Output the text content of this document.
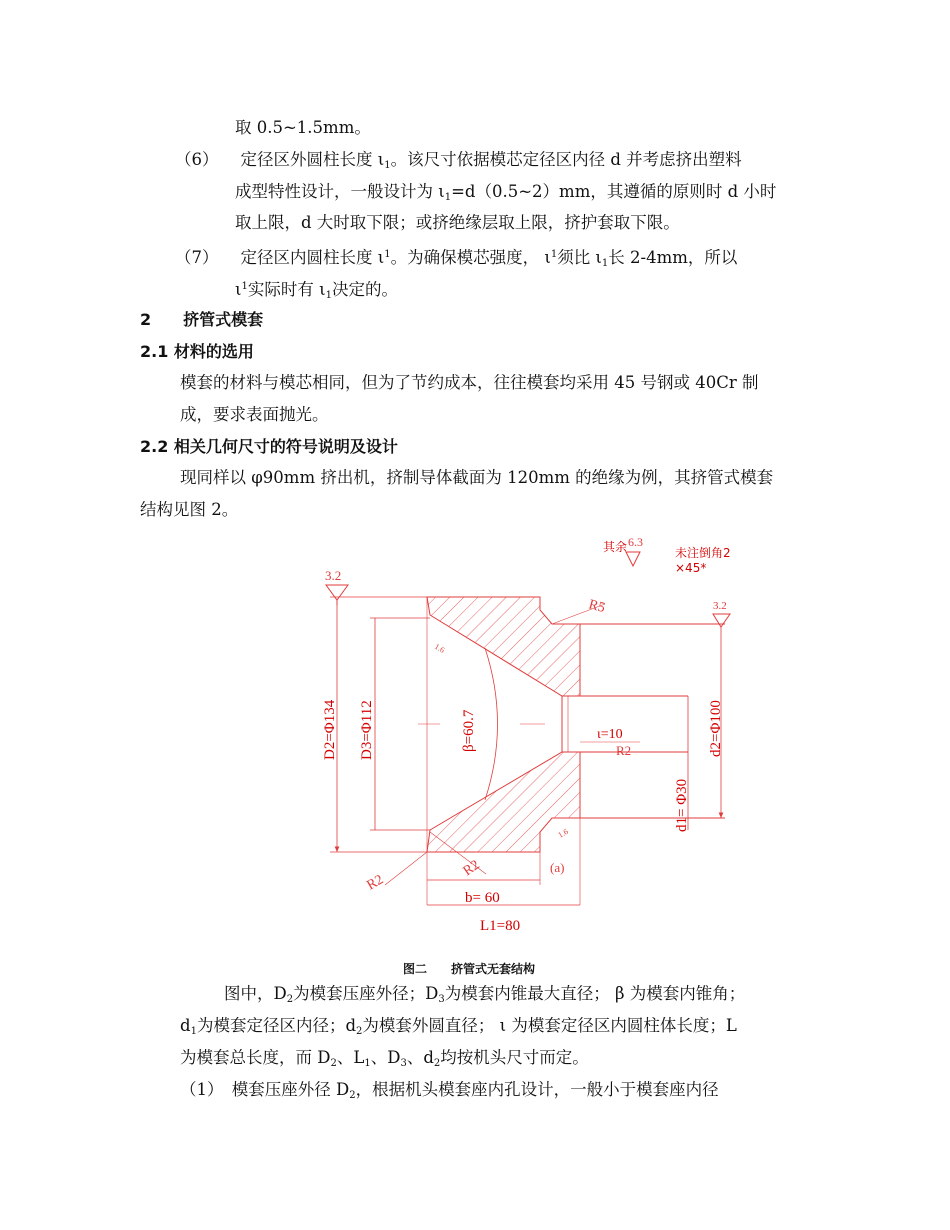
取 0.5~1.5mm。
（6） 定径区外圆柱长度 $\iota_1$。该尺寸依据模芯定径区内径 d 并考虑挤出塑料
成型特性设计，一般设计为 $\iota_1=d(0.5\sim 2)mm$，其遵循的原则时 d 小时
取上限，d 大时取下限；或挤绝缘层取上限，挤护套取下限。
（7） 定径区内圆柱长度 $\iota^1$。为确保模芯强度， $\iota^1$须比 $\iota_1$长 2-4mm，所以
$\iota^1$实际时有 $\iota_1$决定的。
2　　挤管式模套
2.1 材料的选用
模套的材料与模芯相同，但为了节约成本，往往模套均采用 45 号钢或 40Cr 制
成，要求表面抛光。
2.2 相关几何尺寸的符号说明及设计
现同样以 φ90mm 挤出机，挤制导体截面为 120mm 的绝缘为例，其挤管式模套
结构见图 2。
其余 6.3
未注倒角2
×45*
3.2
3.2
D2=Φ134 D3=Φ112	β=60.7	ι=10
R5
R2
R2
R2
1.6
1.6
(a)
d2=Φ100
d1= Φ30
b= 60
L1=80
图二　　挤管式无套结构
图中，$D_2$为模套压座外径；$D_3$为模套内锥最大直径； β 为模套内锥角；
$d_1$为模套定径区内径；$d_2$为模套外圆直径； ι 为模套定径区内圆柱体长度；L
为模套总长度，而 $D_2$、$L_1$、$D_3$、$d_2$均按机头尺寸而定。
（1）　模套压座外径 $D_2$，根据机头模套座内孔设计，一般小于模套座内径
